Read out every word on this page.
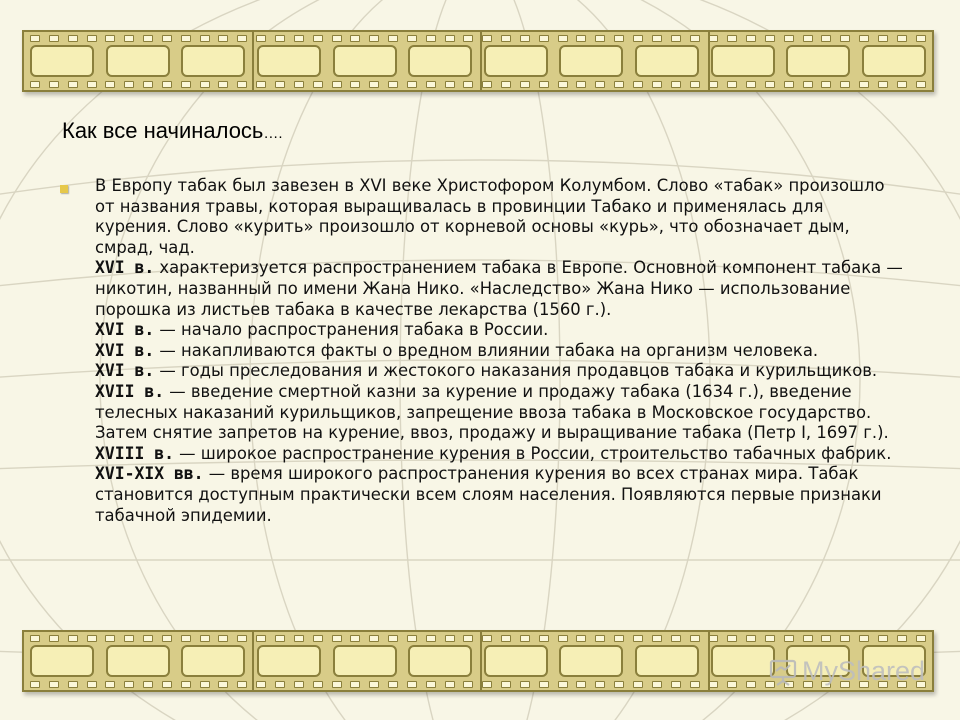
Как все начиналось….

В Европу табак был завезен в XVI веке Христофором Колумбом. Слово «табак» произошло от названия травы, которая выращивалась в провинции Табако и применялась для курения. Слово «курить» произошло от корневой основы «курь», что обозначает дым, смрад, чад.

XVI в. характеризуется распространением табака в Европе. Основной компонент табака — никотин, названный по имени Жана Нико. «Наследство» Жана Нико — использование порошка из листьев табака в качестве лекарства (1560 г.).

XVI в. — начало распространения табака в России.

XVI в. — накапливаются факты о вредном влиянии табака на организм человека.

XVI в. — годы преследования и жестокого наказания продавцов табака и курильщиков.

XVII в. — введение смертной казни за курение и продажу табака (1634 г.), введение телесных наказаний курильщиков, запрещение ввоза табака в Московское государство. Затем снятие запретов на курение, ввоз, продажу и выращивание табака (Петр I, 1697 г.).

XVIII в. — широкое распространение курения в России, строительство табачных фабрик.

XVI-XIX вв. — время широкого распространения курения во всех странах мира. Табак становится доступным практически всем слоям населения. Появляются первые признаки табачной эпидемии.

MyShared
